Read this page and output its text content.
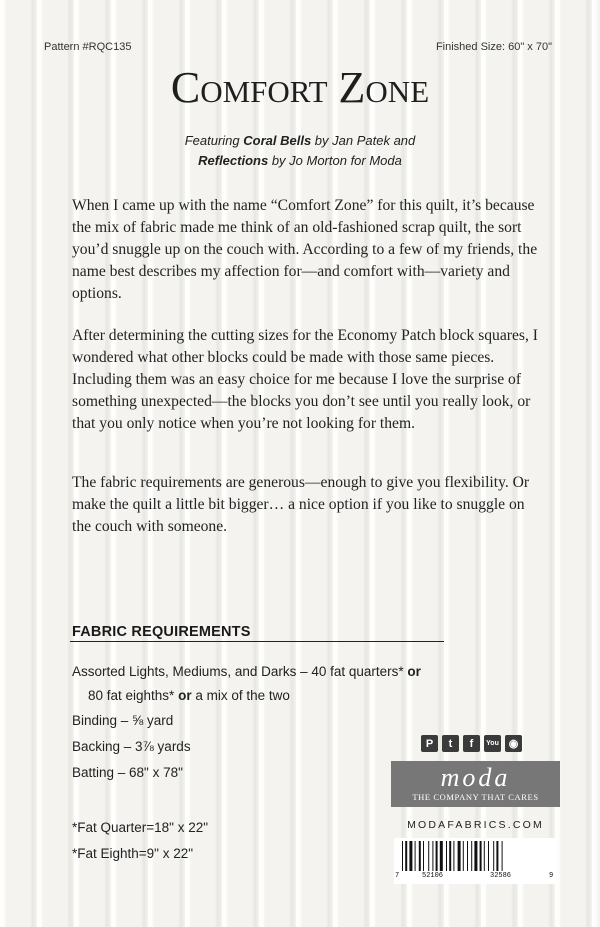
Pattern #RQC135	Finished Size: 60" x 70"
Comfort Zone
Featuring Coral Bells by Jan Patek and
Reflections by Jo Morton for Moda
When I came up with the name “Comfort Zone” for this quilt, it’s because the mix of fabric made me think of an old-fashioned scrap quilt, the sort you’d snuggle up on the couch with. According to a few of my friends, the name best describes my affection for—and comfort with—variety and options.
After determining the cutting sizes for the Economy Patch block squares, I wondered what other blocks could be made with those same pieces. Including them was an easy choice for me because I love the surprise of something unexpected—the blocks you don’t see until you really look, or that you only notice when you’re not looking for them.
The fabric requirements are generous—enough to give you flexibility. Or make the quilt a little bit bigger… a nice option if you like to snuggle on the couch with someone.
FABRIC REQUIREMENTS
Assorted Lights, Mediums, and Darks – 40 fat quarters* or
80 fat eighths* or a mix of the two
Binding – ⅝ yard
Backing – 3⅞ yards
Batting – 68" x 78"
*Fat Quarter=18" x 22"
*Fat Eighth=9" x 22"
P	t	f	You ◉
moda
THE COMPANY THAT CARES
MODAFABRICS.COM
7	52106	32586	9
